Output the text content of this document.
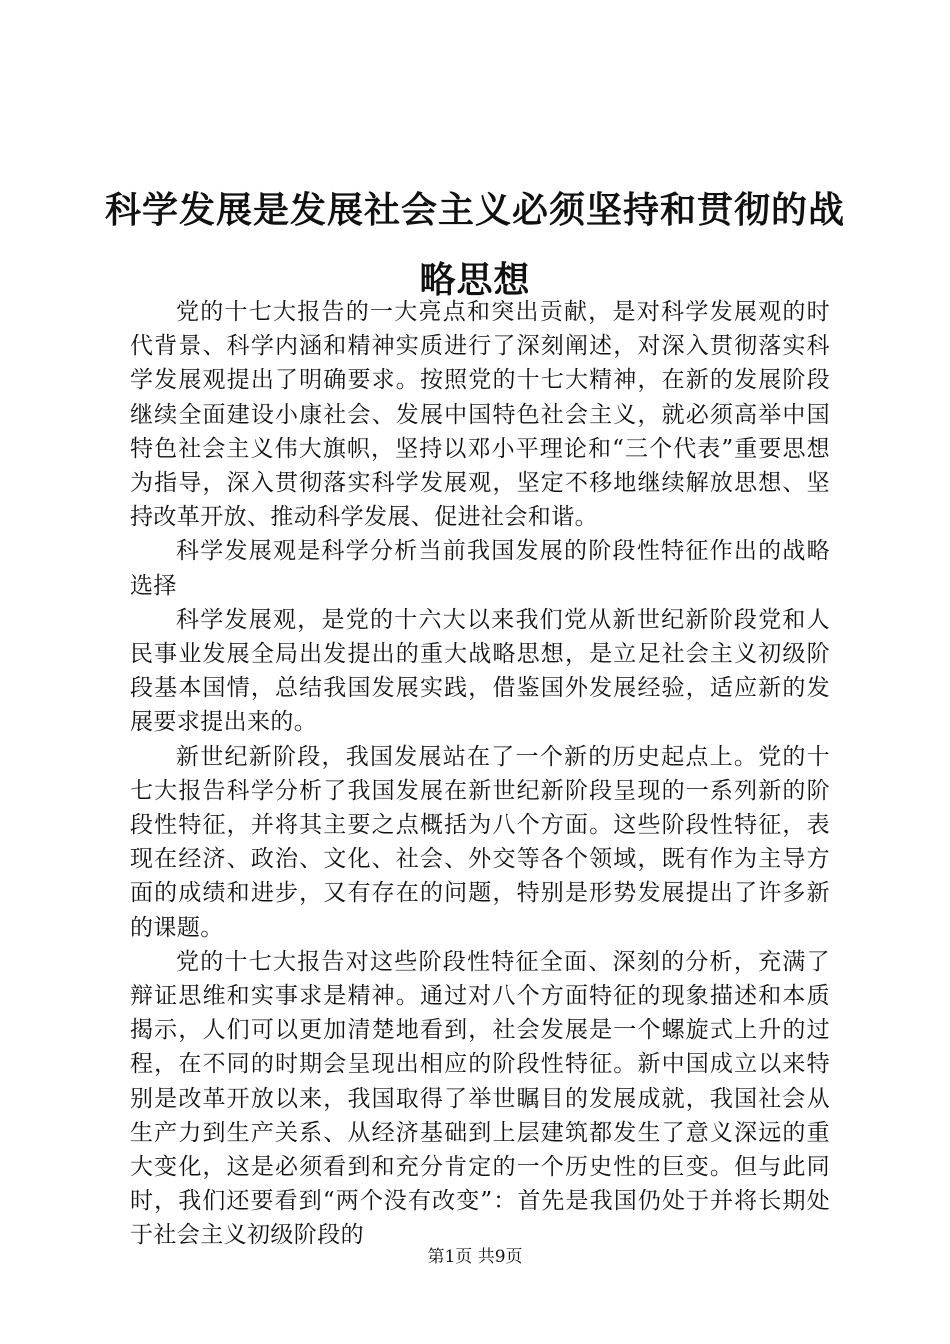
科学发展是发展社会主义必须坚持和贯彻的战略思想

党的十七大报告的一大亮点和突出贡献，是对科学发展观的时代背景、科学内涵和精神实质进行了深刻阐述，对深入贯彻落实科学发展观提出了明确要求。按照党的十七大精神，在新的发展阶段继续全面建设小康社会、发展中国特色社会主义，就必须高举中国特色社会主义伟大旗帜，坚持以邓小平理论和“三个代表”重要思想为指导，深入贯彻落实科学发展观，坚定不移地继续解放思想、坚持改革开放、推动科学发展、促进社会和谐。

科学发展观是科学分析当前我国发展的阶段性特征作出的战略选择

科学发展观，是党的十六大以来我们党从新世纪新阶段党和人民事业发展全局出发提出的重大战略思想，是立足社会主义初级阶段基本国情，总结我国发展实践，借鉴国外发展经验，适应新的发展要求提出来的。

新世纪新阶段，我国发展站在了一个新的历史起点上。党的十七大报告科学分析了我国发展在新世纪新阶段呈现的一系列新的阶段性特征，并将其主要之点概括为八个方面。这些阶段性特征，表现在经济、政治、文化、社会、外交等各个领域，既有作为主导方面的成绩和进步，又有存在的问题，特别是形势发展提出了许多新的课题。

党的十七大报告对这些阶段性特征全面、深刻的分析，充满了辩证思维和实事求是精神。通过对八个方面特征的现象描述和本质揭示，人们可以更加清楚地看到，社会发展是一个螺旋式上升的过程，在不同的时期会呈现出相应的阶段性特征。新中国成立以来特别是改革开放以来，我国取得了举世瞩目的发展成就，我国社会从生产力到生产关系、从经济基础到上层建筑都发生了意义深远的重大变化，这是必须看到和充分肯定的一个历史性的巨变。但与此同时，我们还要看到“两个没有改变”：首先是我国仍处于并将长期处于社会主义初级阶段的

第1页 共9页
